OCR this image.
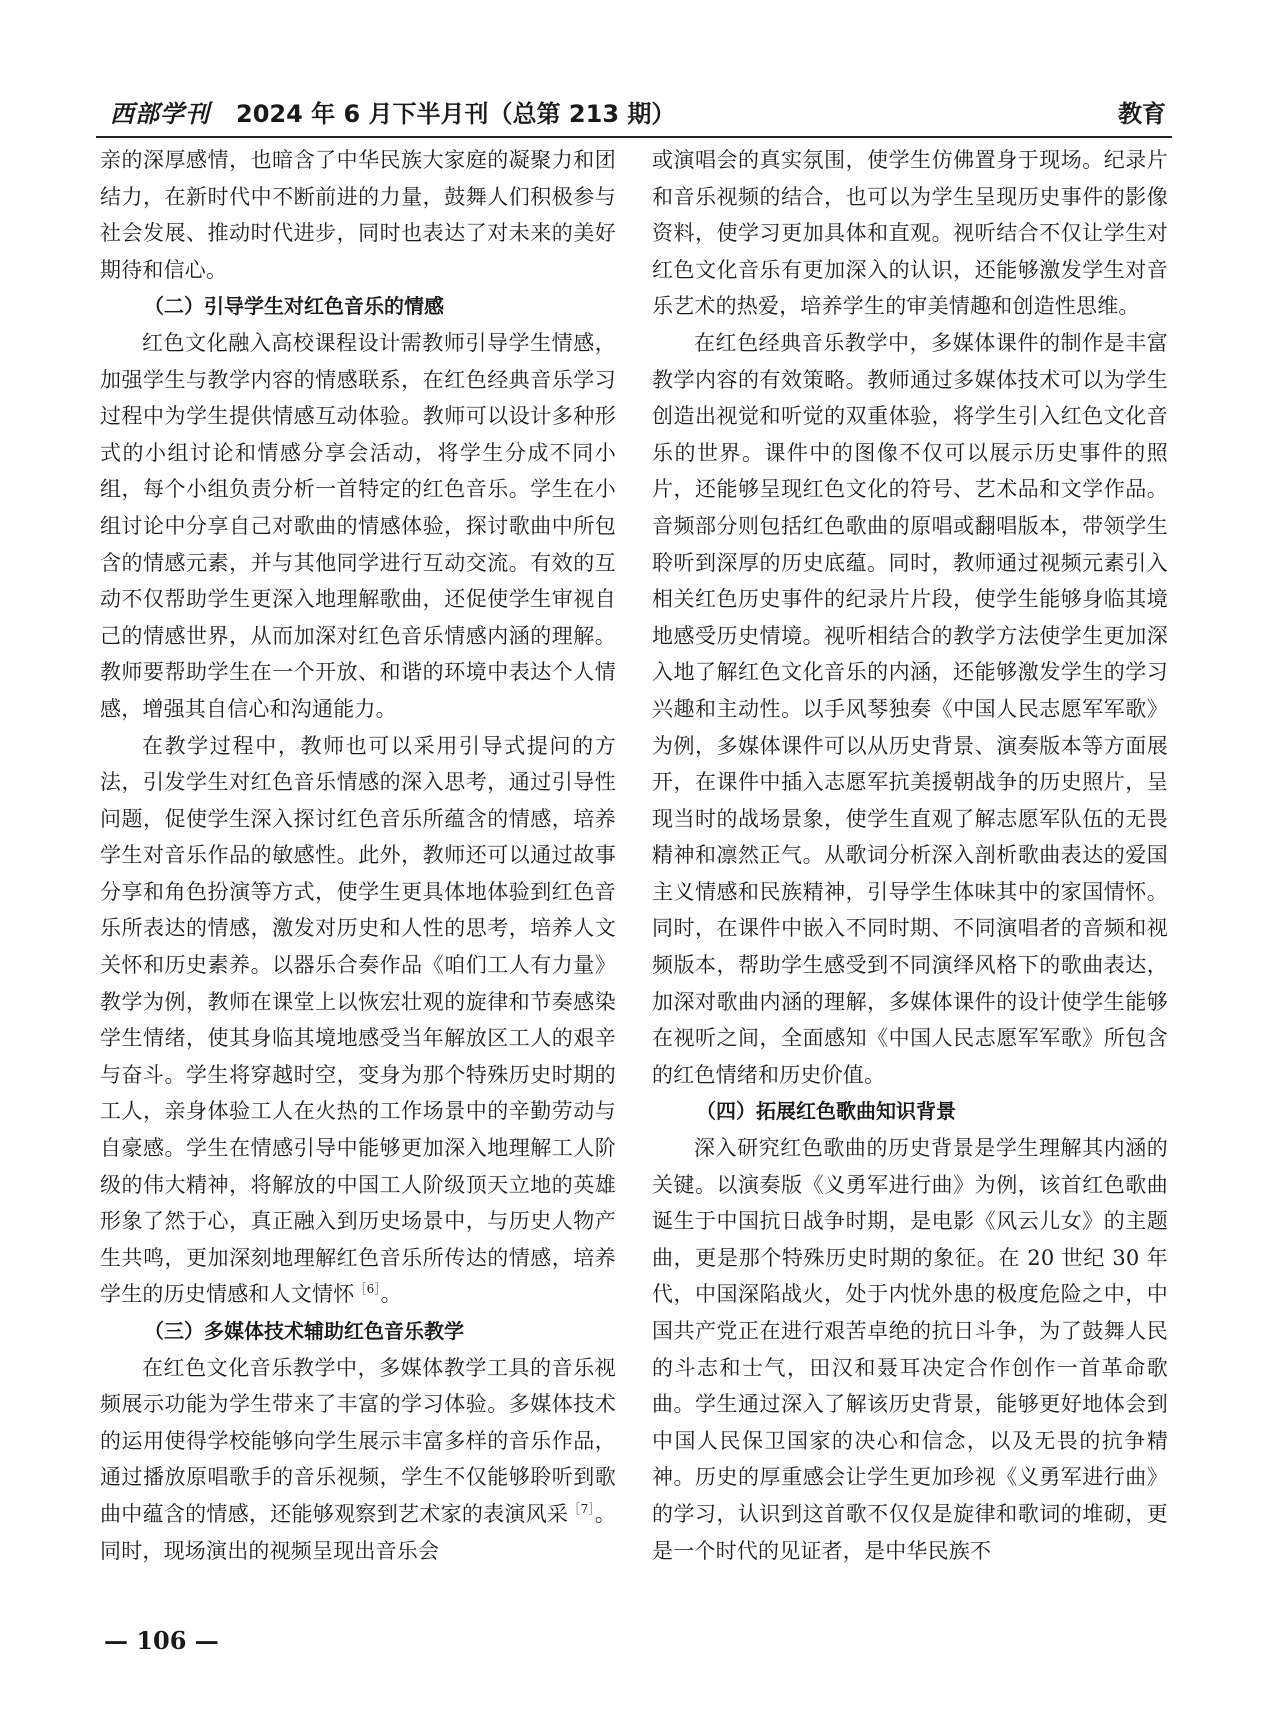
西部学刊 2024 年 6 月下半月刊（总第 213 期）	教育

亲的深厚感情，也暗含了中华民族大家庭的凝聚力和团结力，在新时代中不断前进的力量，鼓舞人们积极参与社会发展、推动时代进步，同时也表达了对未来的美好期待和信心。

（二）引导学生对红色音乐的情感

红色文化融入高校课程设计需教师引导学生情感，加强学生与教学内容的情感联系，在红色经典音乐学习过程中为学生提供情感互动体验。教师可以设计多种形式的小组讨论和情感分享会活动，将学生分成不同小组，每个小组负责分析一首特定的红色音乐。学生在小组讨论中分享自己对歌曲的情感体验，探讨歌曲中所包含的情感元素，并与其他同学进行互动交流。有效的互动不仅帮助学生更深入地理解歌曲，还促使学生审视自己的情感世界，从而加深对红色音乐情感内涵的理解。教师要帮助学生在一个开放、和谐的环境中表达个人情感，增强其自信心和沟通能力。

在教学过程中，教师也可以采用引导式提问的方法，引发学生对红色音乐情感的深入思考，通过引导性问题，促使学生深入探讨红色音乐所蕴含的情感，培养学生对音乐作品的敏感性。此外，教师还可以通过故事分享和角色扮演等方式，使学生更具体地体验到红色音乐所表达的情感，激发对历史和人性的思考，培养人文关怀和历史素养。以器乐合奏作品《咱们工人有力量》教学为例，教师在课堂上以恢宏壮观的旋律和节奏感染学生情绪，使其身临其境地感受当年解放区工人的艰辛与奋斗。学生将穿越时空，变身为那个特殊历史时期的工人，亲身体验工人在火热的工作场景中的辛勤劳动与自豪感。学生在情感引导中能够更加深入地理解工人阶级的伟大精神，将解放的中国工人阶级顶天立地的英雄形象了然于心，真正融入到历史场景中，与历史人物产生共鸣，更加深刻地理解红色音乐所传达的情感，培养学生的历史情感和人文情怀$^{[6]}$。

（三）多媒体技术辅助红色音乐教学

在红色文化音乐教学中，多媒体教学工具的音乐视频展示功能为学生带来了丰富的学习体验。多媒体技术的运用使得学校能够向学生展示丰富多样的音乐作品，通过播放原唱歌手的音乐视频，学生不仅能够聆听到歌曲中蕴含的情感，还能够观察到艺术家的表演风采$^{[7]}$。同时，现场演出的视频呈现出音乐会

或演唱会的真实氛围，使学生仿佛置身于现场。纪录片和音乐视频的结合，也可以为学生呈现历史事件的影像资料，使学习更加具体和直观。视听结合不仅让学生对红色文化音乐有更加深入的认识，还能够激发学生对音乐艺术的热爱，培养学生的审美情趣和创造性思维。

在红色经典音乐教学中，多媒体课件的制作是丰富教学内容的有效策略。教师通过多媒体技术可以为学生创造出视觉和听觉的双重体验，将学生引入红色文化音乐的世界。课件中的图像不仅可以展示历史事件的照片，还能够呈现红色文化的符号、艺术品和文学作品。音频部分则包括红色歌曲的原唱或翻唱版本，带领学生聆听到深厚的历史底蕴。同时，教师通过视频元素引入相关红色历史事件的纪录片片段，使学生能够身临其境地感受历史情境。视听相结合的教学方法使学生更加深入地了解红色文化音乐的内涵，还能够激发学生的学习兴趣和主动性。以手风琴独奏《中国人民志愿军军歌》为例，多媒体课件可以从历史背景、演奏版本等方面展开，在课件中插入志愿军抗美援朝战争的历史照片，呈现当时的战场景象，使学生直观了解志愿军队伍的无畏精神和凛然正气。从歌词分析深入剖析歌曲表达的爱国主义情感和民族精神，引导学生体味其中的家国情怀。同时，在课件中嵌入不同时期、不同演唱者的音频和视频版本，帮助学生感受到不同演绎风格下的歌曲表达，加深对歌曲内涵的理解，多媒体课件的设计使学生能够在视听之间，全面感知《中国人民志愿军军歌》所包含的红色情绪和历史价值。

（四）拓展红色歌曲知识背景

深入研究红色歌曲的历史背景是学生理解其内涵的关键。以演奏版《义勇军进行曲》为例，该首红色歌曲诞生于中国抗日战争时期，是电影《风云儿女》的主题曲，更是那个特殊历史时期的象征。在 20 世纪 30 年代，中国深陷战火，处于内忧外患的极度危险之中，中国共产党正在进行艰苦卓绝的抗日斗争，为了鼓舞人民的斗志和士气，田汉和聂耳决定合作创作一首革命歌曲。学生通过深入了解该历史背景，能够更好地体会到中国人民保卫国家的决心和信念，以及无畏的抗争精神。历史的厚重感会让学生更加珍视《义勇军进行曲》的学习，认识到这首歌不仅仅是旋律和歌词的堆砌，更是一个时代的见证者，是中华民族不

— 106 —
